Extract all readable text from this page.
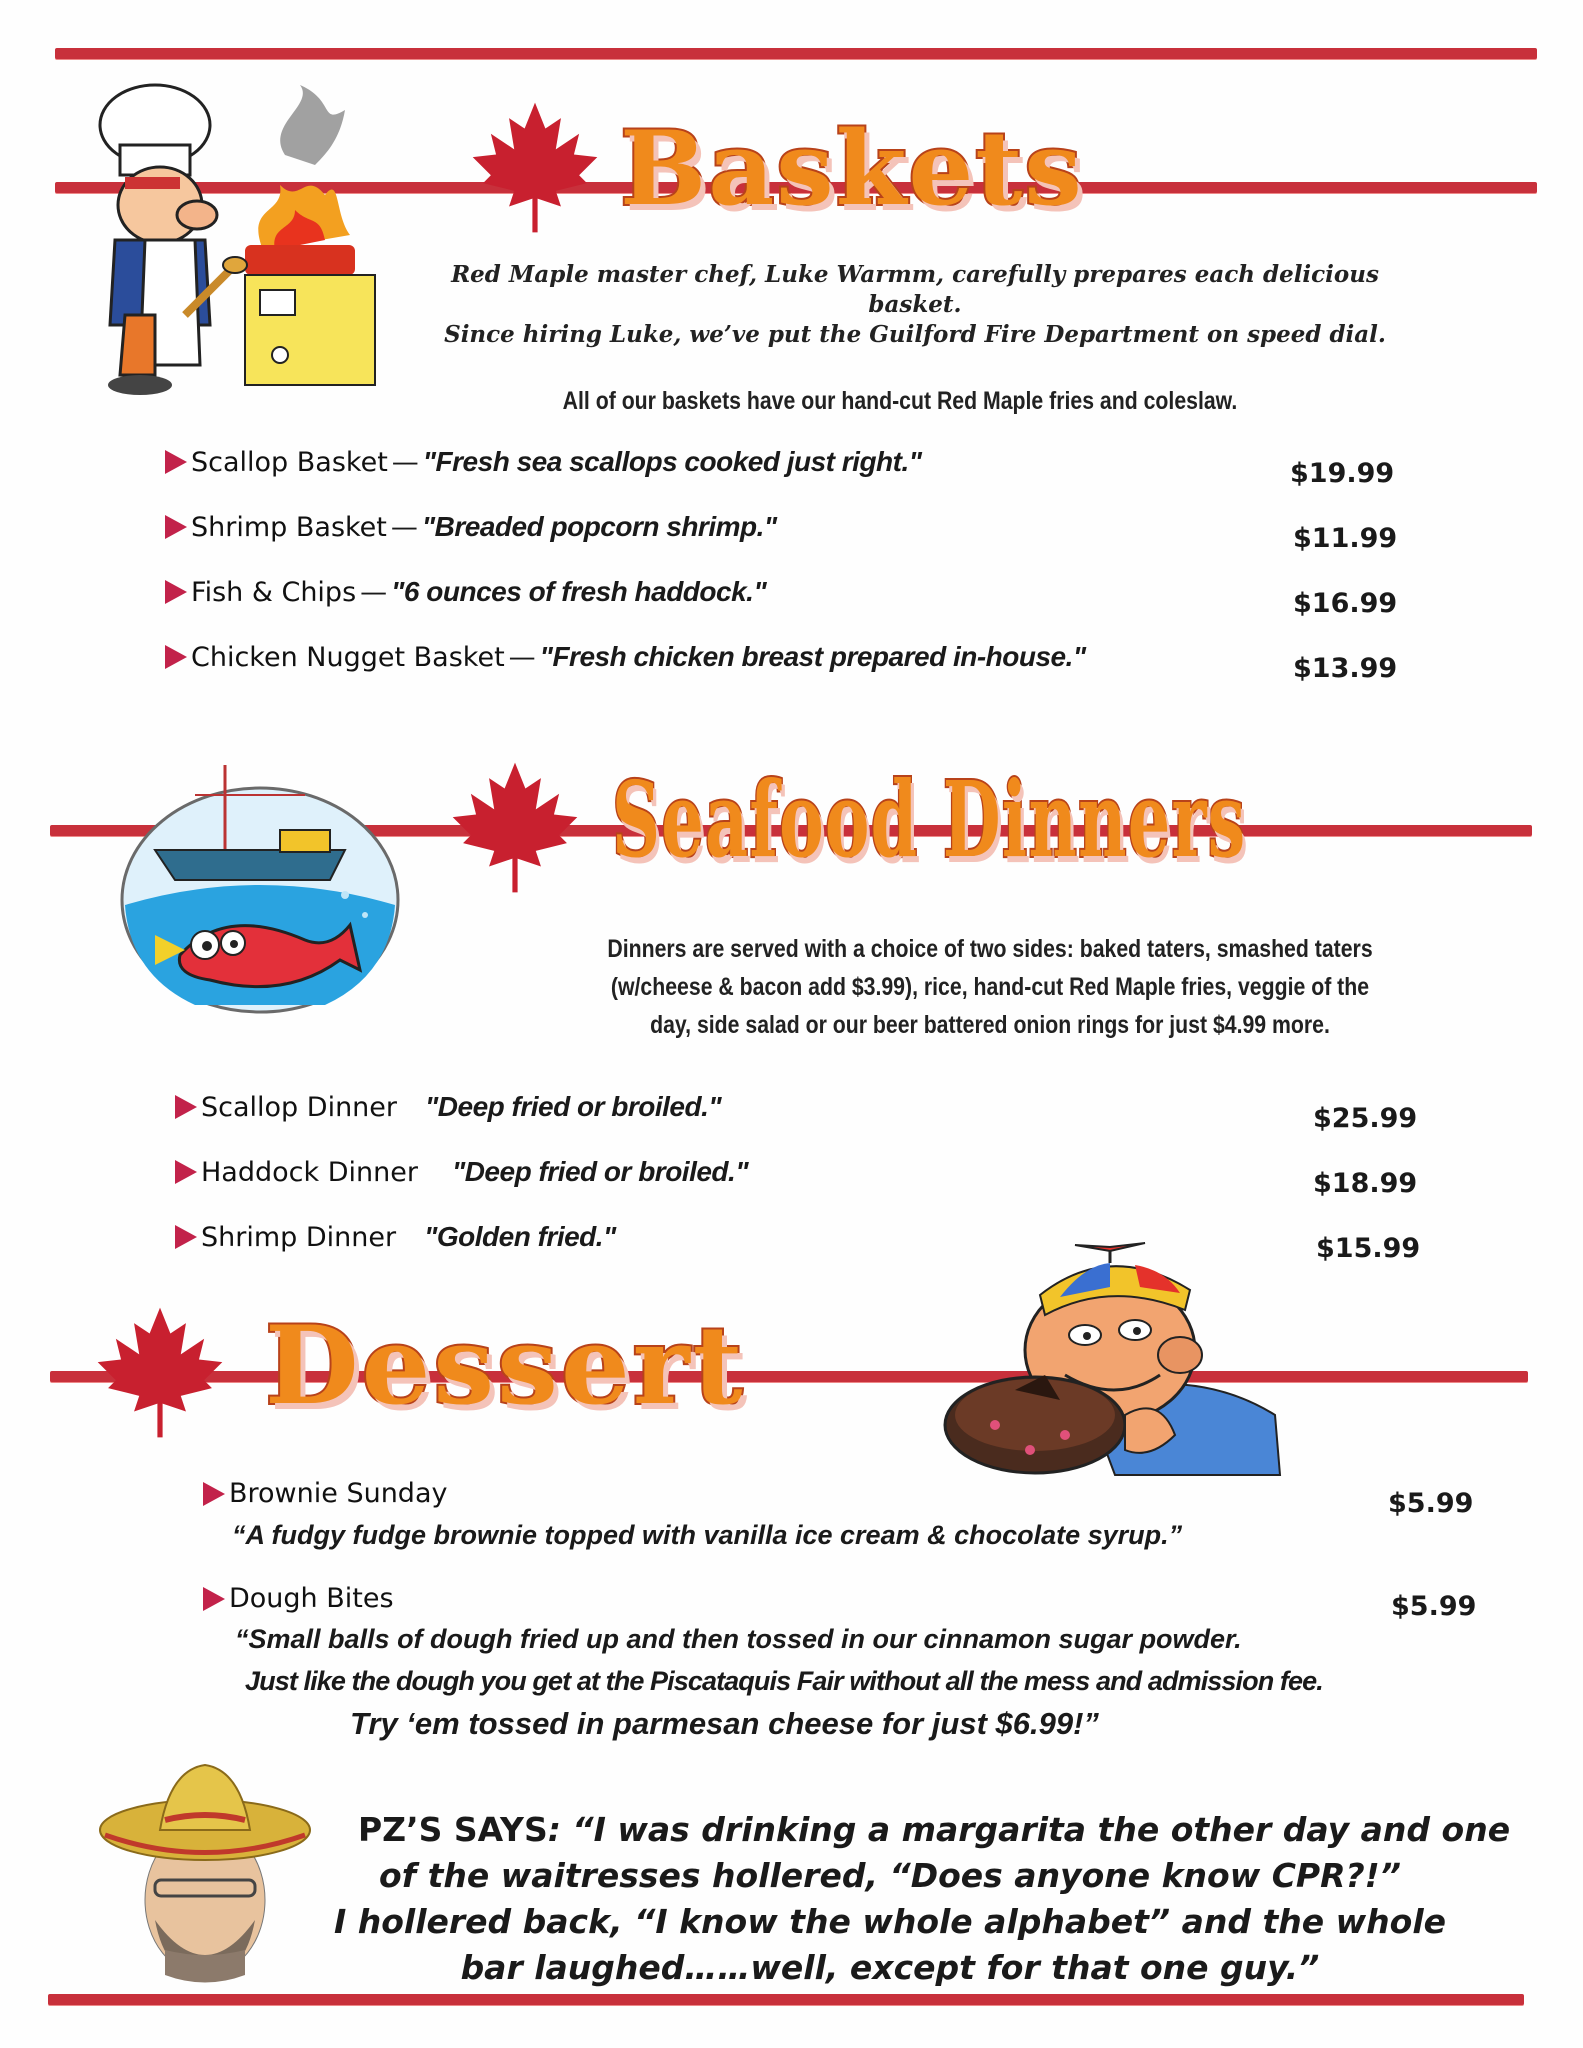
Baskets
Red Maple master chef, Luke Warmm, carefully prepares each delicious basket.
Since hiring Luke, we’ve put the Guilford Fire Department on speed dial.
All of our baskets have our hand-cut Red Maple fries and coleslaw.
Scallop Basket — "Fresh sea scallops cooked just right."	$19.99
Shrimp Basket — "Breaded popcorn shrimp."	$11.99
Fish & Chips — "6 ounces of fresh haddock."	$16.99
Chicken Nugget Basket — "Fresh chicken breast prepared in-house."	$13.99
Seafood Dinners
Dinners are served with a choice of two sides: baked taters, smashed taters
(w/cheese & bacon add $3.99), rice, hand-cut Red Maple fries, veggie of the
day, side salad or our beer battered onion rings for just $4.99 more.
Scallop Dinner "Deep fried or broiled."	$25.99
Haddock Dinner "Deep fried or broiled."	$18.99
Shrimp Dinner "Golden fried."	$15.99
Dessert
Brownie Sunday	$5.99
“A fudgy fudge brownie topped with vanilla ice cream & chocolate syrup.”
Dough Bites	$5.99
“Small balls of dough fried up and then tossed in our cinnamon sugar powder.
Just like the dough you get at the Piscataquis Fair without all the mess and admission fee.
Try ‘em tossed in parmesan cheese for just $6.99!”
PZ’S SAYS: “I was drinking a margarita the other day and one
of the waitresses hollered, “Does anyone know CPR?!”
I hollered back, “I know the whole alphabet” and the whole
bar laughed……well, except for that one guy.”
